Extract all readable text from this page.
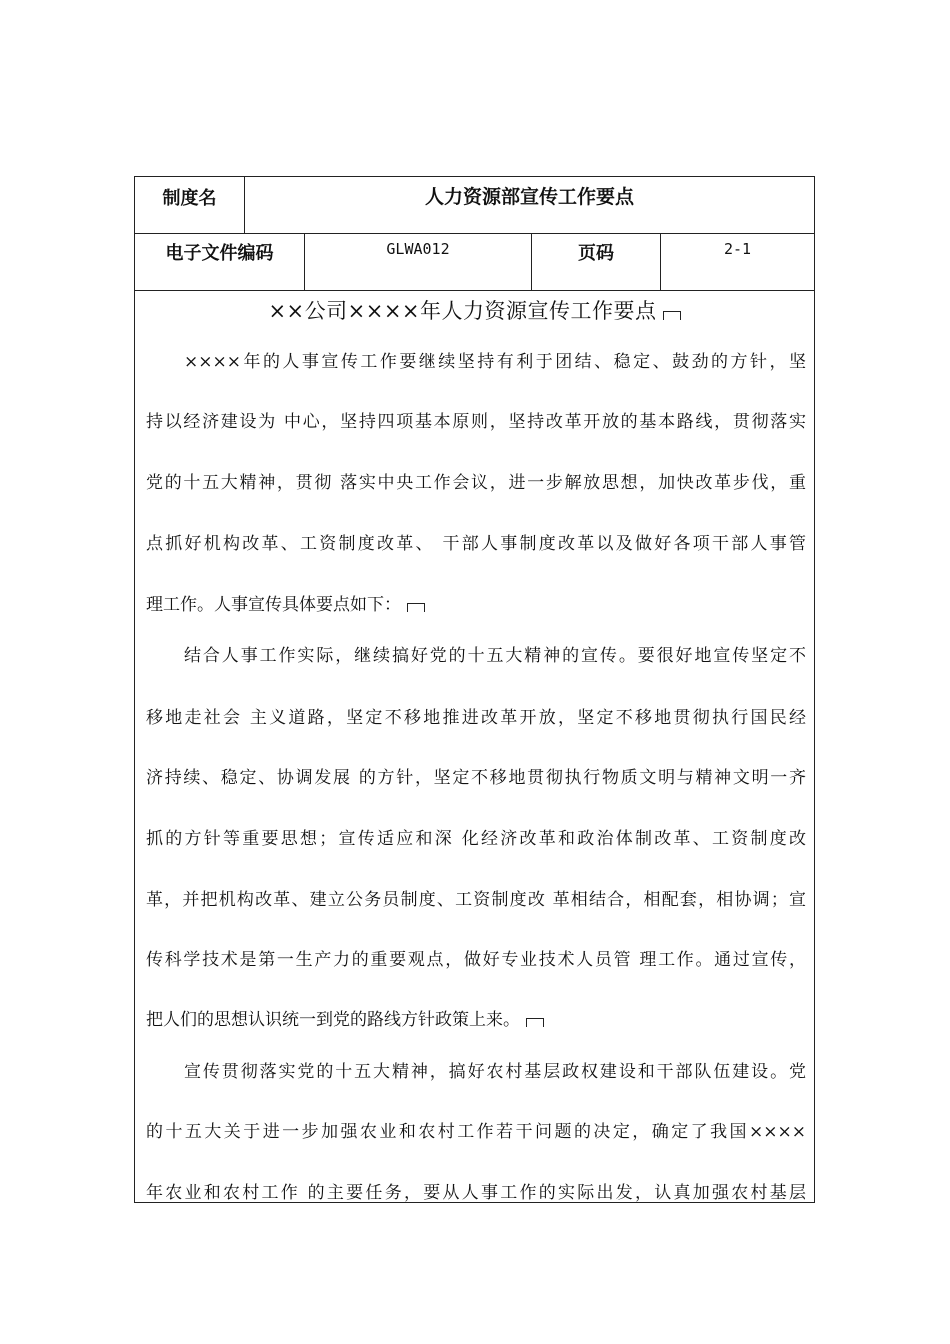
制度名	人力资源部宣传工作要点
电子文件编码	GLWA012	页码	2-1
××公司××××年人力资源宣传工作要点
××××年的人事宣传工作要继续坚持有利于团结、稳定、鼓劲的方针，坚
持以经济建设为 中心，坚持四项基本原则，坚持改革开放的基本路线，贯彻落实
党的十五大精神，贯彻 落实中央工作会议，进一步解放思想，加快改革步伐，重
点抓好机构改革、工资制度改革、 干部人事制度改革以及做好各项干部人事管
理工作。人事宣传具体要点如下：
结合人事工作实际，继续搞好党的十五大精神的宣传。要很好地宣传坚定不
移地走社会 主义道路，坚定不移地推进改革开放，坚定不移地贯彻执行国民经
济持续、稳定、协调发展 的方针，坚定不移地贯彻执行物质文明与精神文明一齐
抓的方针等重要思想；宣传适应和深 化经济改革和政治体制改革、工资制度改
革，并把机构改革、建立公务员制度、工资制度改 革相结合，相配套，相协调；宣
传科学技术是第一生产力的重要观点，做好专业技术人员管 理工作。通过宣传，
把人们的思想认识统一到党的路线方针政策上来。
宣传贯彻落实党的十五大精神，搞好农村基层政权建设和干部队伍建设。党
的十五大关于进一步加强农业和农村工作若干问题的决定，确定了我国××××
年农业和农村工作 的主要任务，要从人事工作的实际出发，认真加强农村基层
